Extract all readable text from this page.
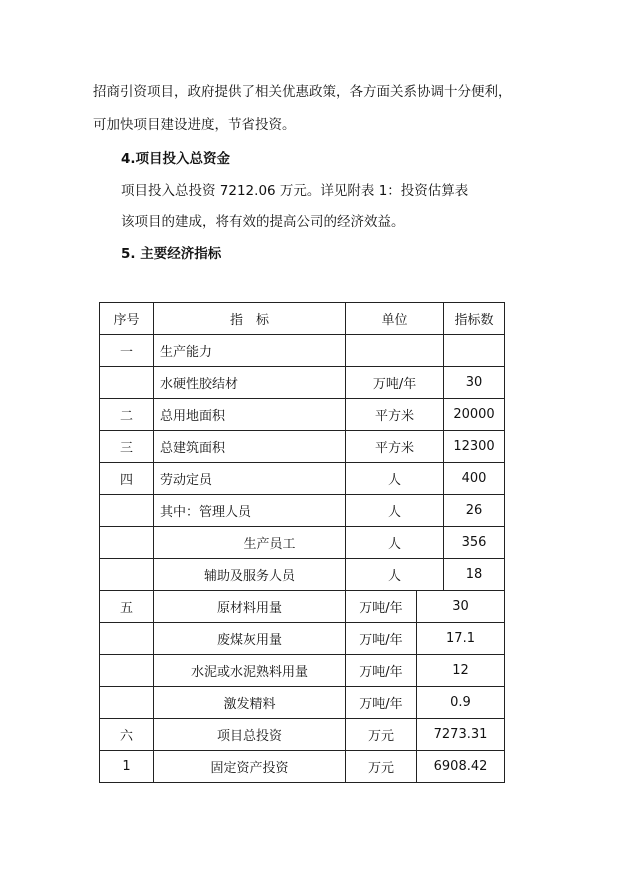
招商引资项目，政府提供了相关优惠政策，各方面关系协调十分便利，
可加快项目建设进度，节省投资。
4.项目投入总资金
项目投入总投资 7212.06 万元。详见附表 1：投资估算表
该项目的建成，将有效的提高公司的经济效益。
5. 主要经济指标
序号	指　标	单位		指标数
一	生产能力			
	水硬性胶结材	万吨/年		30
二	总用地面积	平方米		20000
三	总建筑面积	平方米		12300
四	劳动定员	人		400
	其中：管理人员	人		26
	生产员工	人		356
	辅助及服务人员	人		18
五	原材料用量	万吨/年	30	
	废煤灰用量	万吨/年	17.1	
	水泥或水泥熟料用量	万吨/年	12	
	激发精料	万吨/年	0.9	
六	项目总投资	万元	7273.31	
1	固定资产投资	万元	6908.42	
